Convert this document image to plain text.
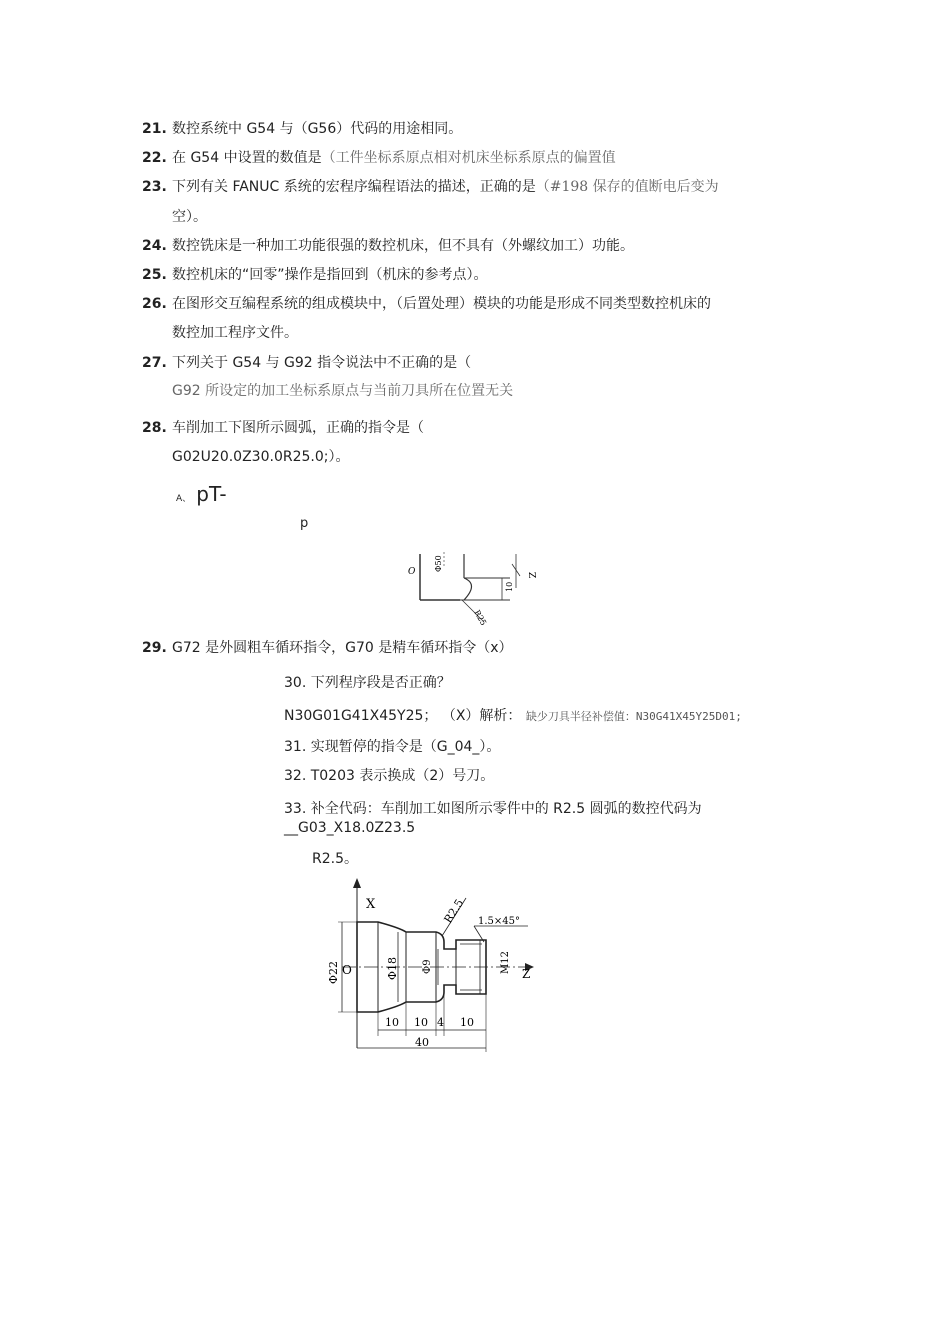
21. 数控系统中 G54 与（G56）代码的用途相同。
22. 在 G54 中设置的数值是（工件坐标系原点相对机床坐标系原点的偏置值
23. 下列有关 FANUC 系统的宏程序编程语法的描述，正确的是（#198 保存的值断电后变为
空）。
24. 数控铣床是一种加工功能很强的数控机床，但不具有（外螺纹加工）功能。
25. 数控机床的“回零”操作是指回到（机床的参考点）。
26. 在图形交互编程系统的组成模块中，（后置处理）模块的功能是形成不同类型数控机床的
数控加工程序文件。
27. 下列关于 G54 与 G92 指令说法中不正确的是（
G92 所设定的加工坐标系原点与当前刀具所在位置无关
28. 车削加工下图所示圆弧，正确的指令是（
G02U20.0Z30.0R25.0;）。
A、 pT-
p
Φ50
O	Z
10
R25
29. G72 是外圆粗车循环指令，G70 是精车循环指令（x）
30. 下列程序段是否正确？
N30G01G41X45Y25； （X）解析： 缺少刀具半径补偿值：N30G41X45Y25D01;
31. 实现暂停的指令是（G_04_）。
32. T0203 表示换成（2）号刀。
33. 补全代码：车削加工如图所示零件中的 R2.5 圆弧的数控代码为
__G03_X18.0Z23.5
R2.5。
X
Z
O
Φ22	Φ18 Φ9	M12
R2.5 1.5×45°
10 10 4 10
40
